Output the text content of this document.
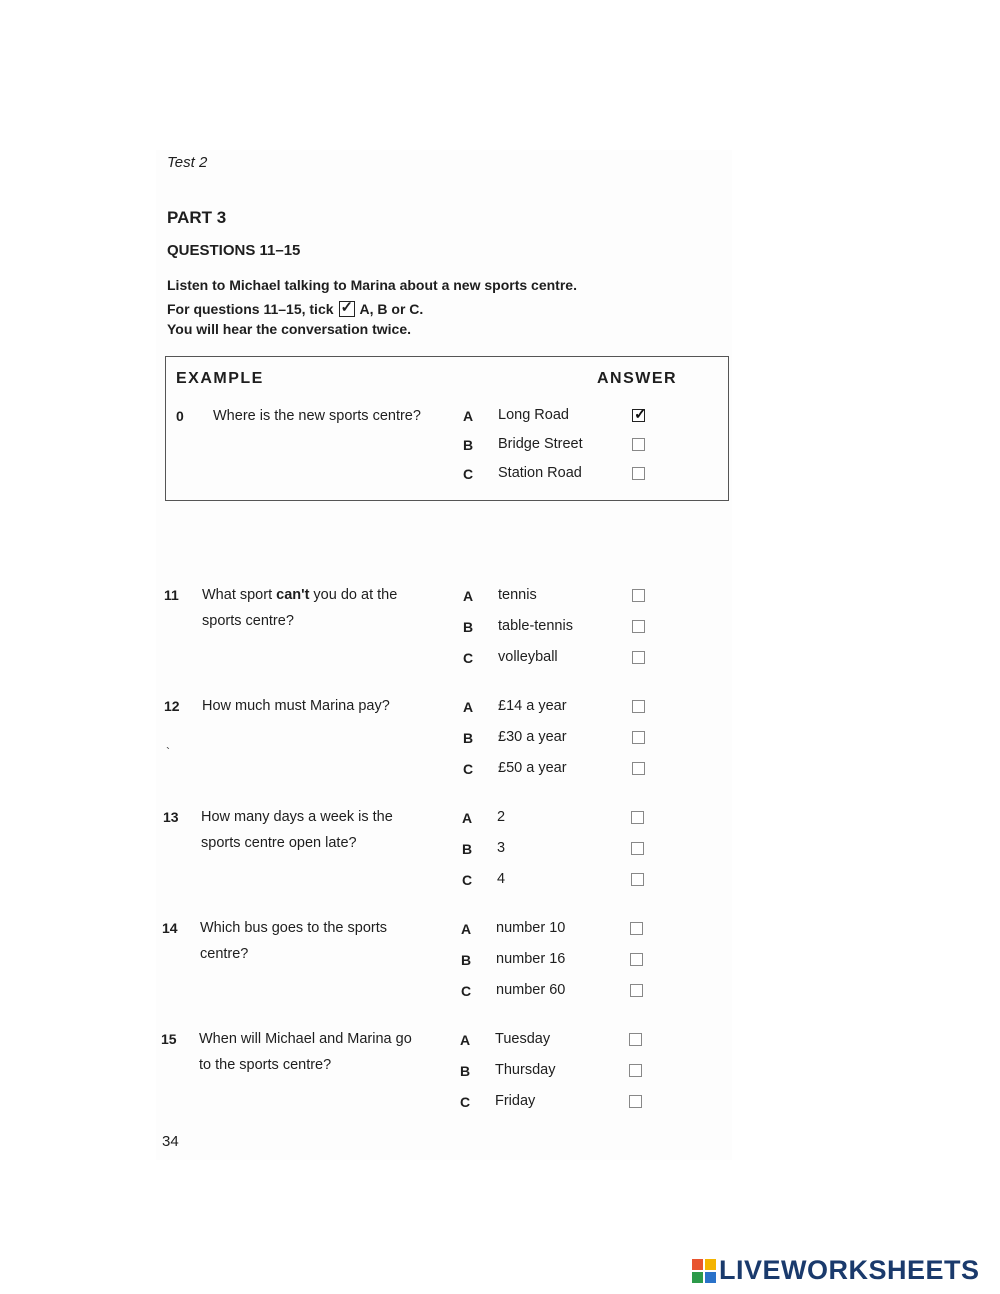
Test 2
PART 3
QUESTIONS 11–15
Listen to Michael talking to Marina about a new sports centre.
For questions 11–15, tick
✓ A, B or C.
You will hear the conversation twice.
EXAMPLE	ANSWER
0 Where is the new sports centre?	A Long Road
✓
B Bridge Street
C Station Road
11 What sport can't you do at the
sports centre?
A tennis
B table-tennis
C volleyball
12 How much must Marina pay?	A £14 a year
B £30 a year
C £50 a year
13 How many days a week is the
sports centre open late?
A 2
B 3
C 4
14 Which bus goes to the sports
centre?
A number 10
B number 16
C number 60
15 When will Michael and Marina go
to the sports centre?
A Tuesday
B Thursday
C Friday
`
34
LIVEWORKSHEETS
